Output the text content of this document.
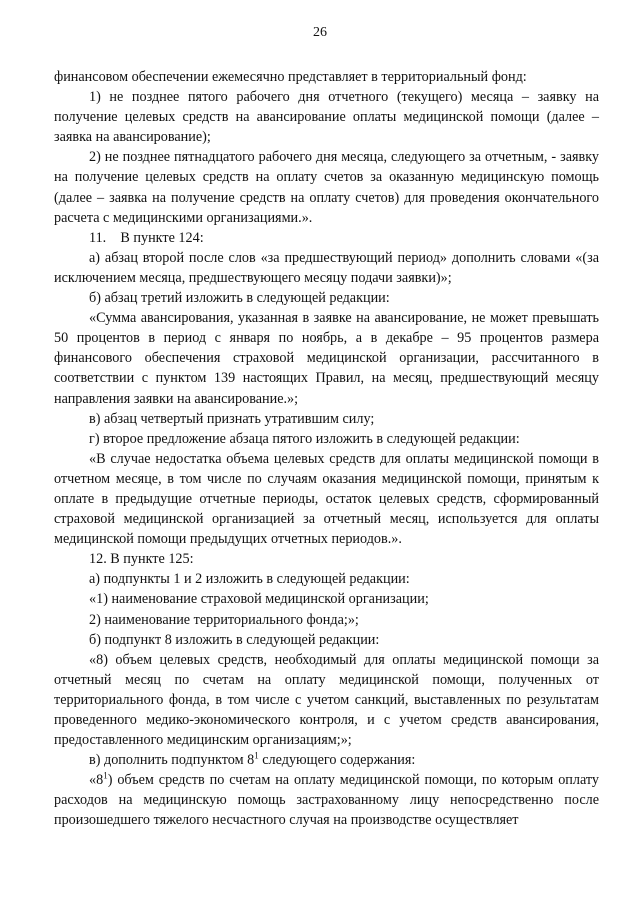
26

финансовом обеспечении ежемесячно представляет в территориальный фонд:

1) не позднее пятого рабочего дня отчетного (текущего) месяца – заявку на получение целевых средств на авансирование оплаты медицинской помощи (далее – заявка на авансирование);

2) не позднее пятнадцатого рабочего дня месяца, следующего за отчетным, - заявку на получение целевых средств на оплату счетов за оказанную медицинскую помощь (далее – заявка на получение средств на оплату счетов) для проведения окончательного расчета с медицинскими организациями.».

11.    В пункте 124:

а) абзац второй после слов «за предшествующий период» дополнить словами «(за исключением месяца, предшествующего месяцу подачи заявки)»;

б) абзац третий изложить в следующей редакции:

«Сумма авансирования, указанная в заявке на авансирование, не может превышать 50 процентов в период с января по ноябрь, а в декабре – 95 процентов размера финансового обеспечения страховой медицинской организации, рассчитанного в соответствии с пунктом 139 настоящих Правил, на месяц, предшествующий месяцу направления заявки на авансирование.»;

в) абзац четвертый признать утратившим силу;

г) второе предложение абзаца пятого изложить в следующей редакции:

«В случае недостатка объема целевых средств для оплаты медицинской помощи в отчетном месяце, в том числе по случаям оказания медицинской помощи, принятым к оплате в предыдущие отчетные периоды, остаток целевых средств, сформированный страховой медицинской организацией за отчетный месяц, используется для оплаты медицинской помощи предыдущих отчетных периодов.».

12. В пункте 125:

а) подпункты 1 и 2 изложить в следующей редакции:

«1) наименование страховой медицинской организации;

2) наименование территориального фонда;»;

б) подпункт 8 изложить в следующей редакции:

«8) объем целевых средств, необходимый для оплаты медицинской помощи за отчетный месяц по счетам на оплату медицинской помощи, полученных от территориального фонда, в том числе с учетом санкций, выставленных по результатам проведенного медико-экономического контроля, и с учетом средств авансирования, предоставленного медицинским организациям;»;

в) дополнить подпунктом $8^1$ следующего содержания:

«$8^1$) объем средств по счетам на оплату медицинской помощи, по которым оплату расходов на медицинскую помощь застрахованному лицу непосредственно после произошедшего тяжелого несчастного случая на производстве осуществляет
